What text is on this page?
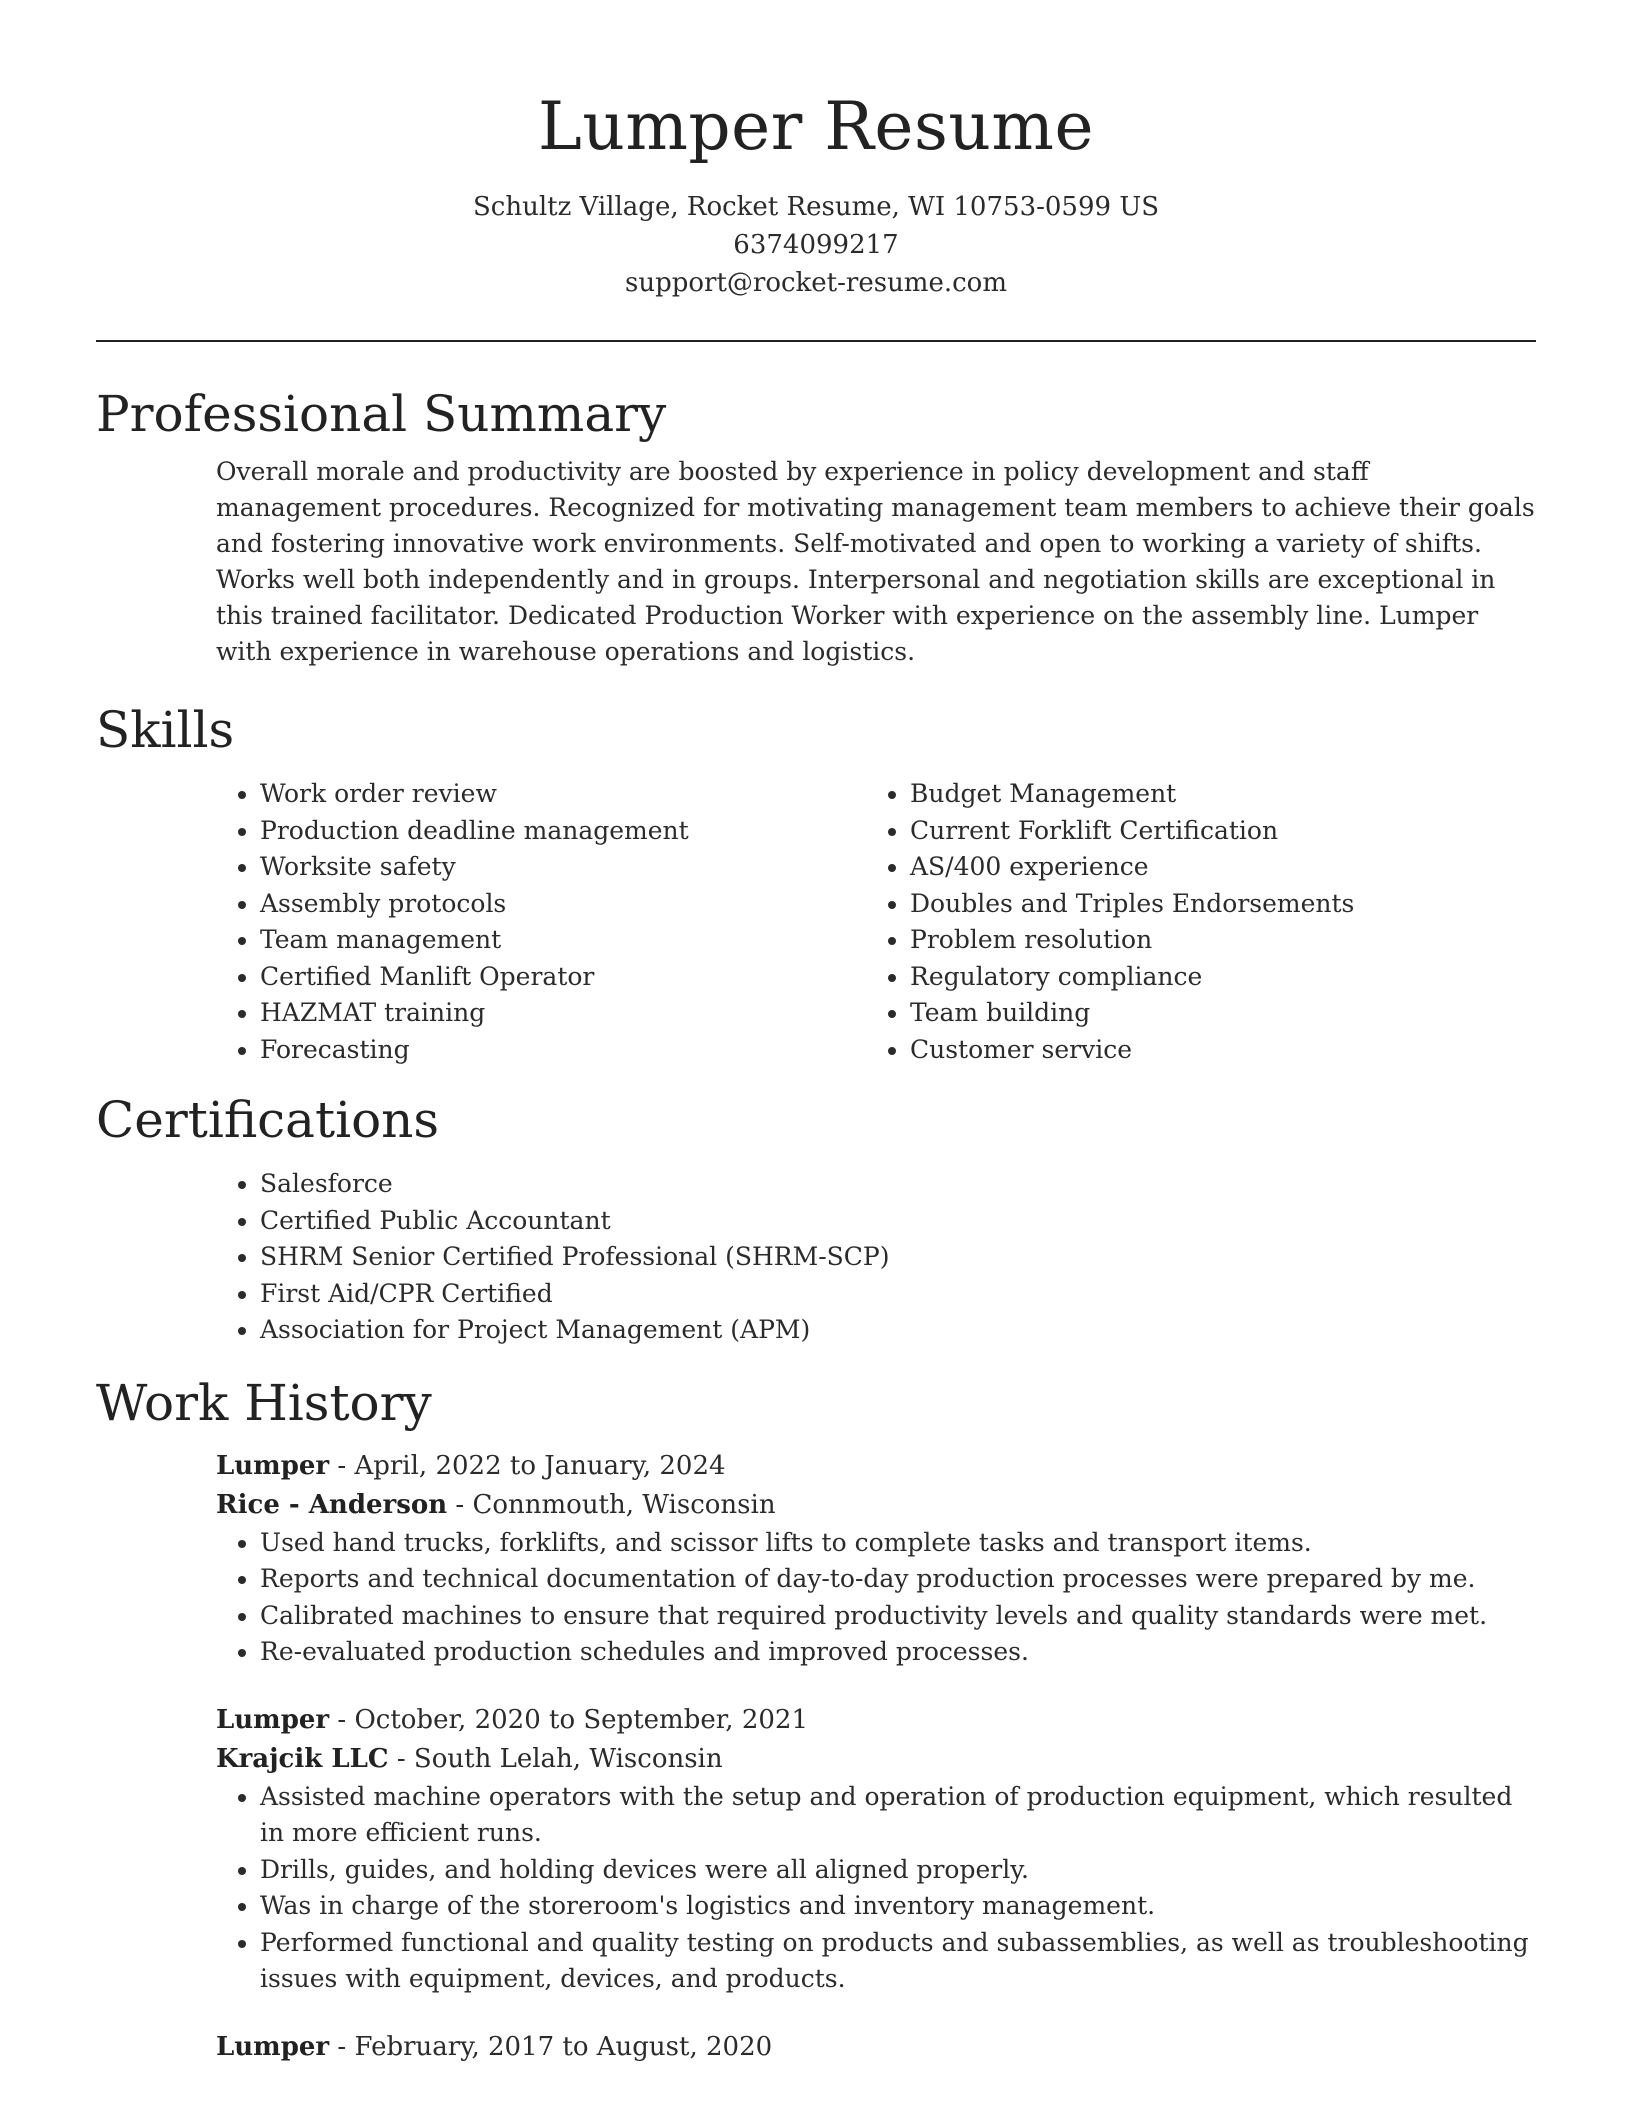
Lumper Resume
Schultz Village, Rocket Resume, WI 10753-0599 US
6374099217
support@rocket-resume.com
Professional Summary
Overall morale and productivity are boosted by experience in policy development and staff management procedures. Recognized for motivating management team members to achieve their goals and fostering innovative work environments. Self-motivated and open to working a variety of shifts. Works well both independently and in groups. Interpersonal and negotiation skills are exceptional in this trained facilitator. Dedicated Production Worker with experience on the assembly line. Lumper with experience in warehouse operations and logistics.
Skills
• Work order review
• Production deadline management
• Worksite safety
• Assembly protocols
• Team management
• Certified Manlift Operator
• HAZMAT training
• Forecasting
• Budget Management
• Current Forklift Certification
• AS/400 experience
• Doubles and Triples Endorsements
• Problem resolution
• Regulatory compliance
• Team building
• Customer service
Certifications
• Salesforce
• Certified Public Accountant
• SHRM Senior Certified Professional (SHRM-SCP)
• First Aid/CPR Certified
• Association for Project Management (APM)
Work History
Lumper - April, 2022 to January, 2024
Rice - Anderson - Connmouth, Wisconsin
• Used hand trucks, forklifts, and scissor lifts to complete tasks and transport items.
• Reports and technical documentation of day-to-day production processes were prepared by me.
• Calibrated machines to ensure that required productivity levels and quality standards were met.
• Re-evaluated production schedules and improved processes.
Lumper - October, 2020 to September, 2021
Krajcik LLC - South Lelah, Wisconsin
• Assisted machine operators with the setup and operation of production equipment, which resulted in more efficient runs.
• Drills, guides, and holding devices were all aligned properly.
• Was in charge of the storeroom's logistics and inventory management.
• Performed functional and quality testing on products and subassemblies, as well as troubleshooting issues with equipment, devices, and products.
Lumper - February, 2017 to August, 2020
